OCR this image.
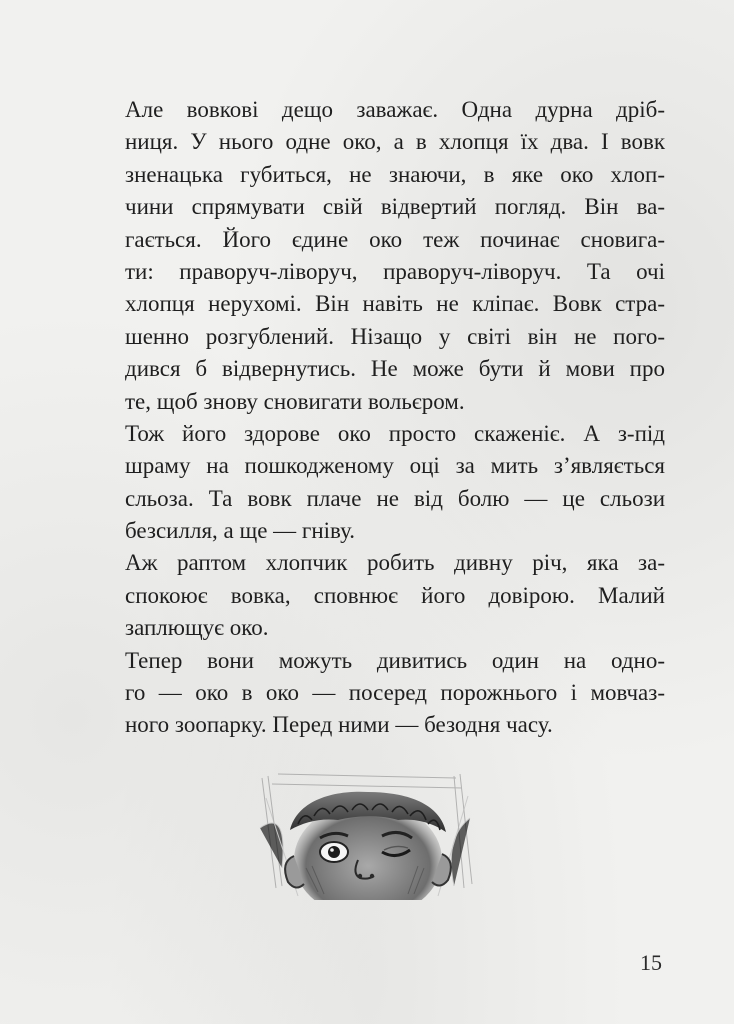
Але вовкові дещо заважає. Одна дурна дріб-
ниця. У нього одне око, а в хлопця їх два. І вовк
зненацька губиться, не знаючи, в яке око хлоп-
чини спрямувати свій відвертий погляд. Він ва-
гається. Його єдине око теж починає сновига-
ти: праворуч-ліворуч, праворуч-ліворуч. Та очі
хлопця нерухомі. Він навіть не кліпає. Вовк стра-
шенно розгублений. Нізащо у світі він не пого-
дився б відвернутись. Не може бути й мови про
те, щоб знову сновигати вольєром.
Тож його здорове око просто скаженіє. А з-під
шраму на пошкодженому оці за мить з’являється
сльоза. Та вовк плаче не від болю — це сльози
безсилля, а ще — гніву.
Аж раптом хлопчик робить дивну річ, яка за-
спокоює вовка, сповнює його довірою. Малий
заплющує око.
Тепер вони можуть дивитись один на одно-
го — око в око — посеред порожнього і мовчаз-
ного зоопарку. Перед ними — безодня часу.
15
